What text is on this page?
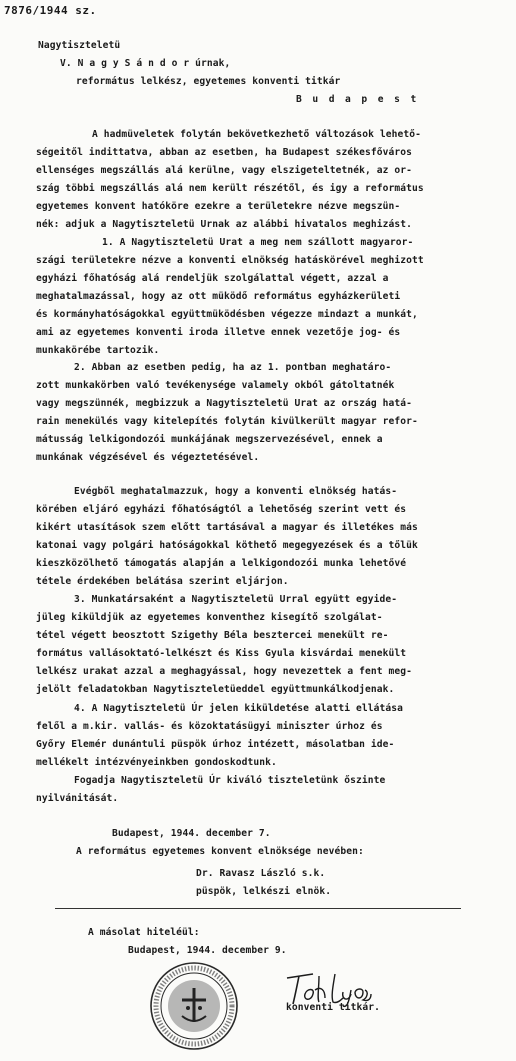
7876/1944 sz.
Nagytiszteletü
V. N a g y S á n d o r úrnak,
református lelkész, egyetemes konventi titkár
B u d a p e s t
A hadmüveletek folytán bekövetkezhető változások lehető-
ségeitől indittatva, abban az esetben, ha Budapest székesfőváros
ellenséges megszállás alá kerülne, vagy elszigeteltetnék, az or-
szág többi megszállás alá nem került részétől, és igy a református
egyetemes konvent hatóköre ezekre a területekre nézve megszün-
nék: adjuk a Nagytiszteletü Urnak az alábbi hivatalos meghizást.
1. A Nagytiszteletü Urat a meg nem szállott magyaror-
szági területekre nézve a konventi elnökség hatáskörével meghizott
egyházi főhatóság alá rendeljük szolgálattal végett, azzal a
meghatalmazással, hogy az ott müködő református egyházkerületi
és kormányhatóságokkal együttmüködésben végezze mindazt a munkát,
ami az egyetemes konventi iroda illetve ennek vezetője jog- és
munkakörébe tartozik.
2. Abban az esetben pedig, ha az 1. pontban meghatáro-
zott munkakörben való tevékenysége valamely okból gátoltatnék
vagy megszünnék, megbizzuk a Nagytiszteletü Urat az ország hatá-
rain menekülés vagy kitelepítés folytán kivülkerült magyar refor-
mátusság lelkigondozói munkájának megszervezésével, ennek a
munkának végzésével és végeztetésével.
Evégből meghatalmazzuk, hogy a konventi elnökség hatás-
körében eljáró egyházi főhatóságtól a lehetőség szerint vett és
kikért utasítások szem előtt tartásával a magyar és illetékes más
katonai vagy polgári hatóságokkal köthető megegyezések és a tőlük
kieszközölhető támogatás alapján a lelkigondozói munka lehetővé
tétele érdekében belátása szerint eljárjon.
3. Munkatársaként a Nagytiszteletü Urral együtt egyide-
jüleg kiküldjük az egyetemes konventhez kisegítő szolgálat-
tétel végett beosztott Szigethy Béla besztercei menekült re-
formátus vallásoktató-lelkészt és Kiss Gyula kisvárdai menekült
lelkész urakat azzal a meghagyással, hogy nevezettek a fent meg-
jelölt feladatokban Nagytiszteletüeddel együttmunkálkodjenak.
4. A Nagytiszteletü Úr jelen kiküldetése alatti ellátása
felől a m.kir. vallás- és közoktatásügyi miniszter úrhoz és
Győry Elemér dunántuli püspök úrhoz intézett, másolatban ide-
mellékelt intézvényeinkben gondoskodtunk.
Fogadja Nagytiszteletü Úr kiváló tiszteletünk őszinte
nyilvánitását.
Budapest, 1944. december 7.
A református egyetemes konvent elnöksége nevében:
Dr. Ravasz László s.k.
püspök, lelkészi elnök.
A másolat hiteléül:
Budapest, 1944. december 9.
konventi titkár.
